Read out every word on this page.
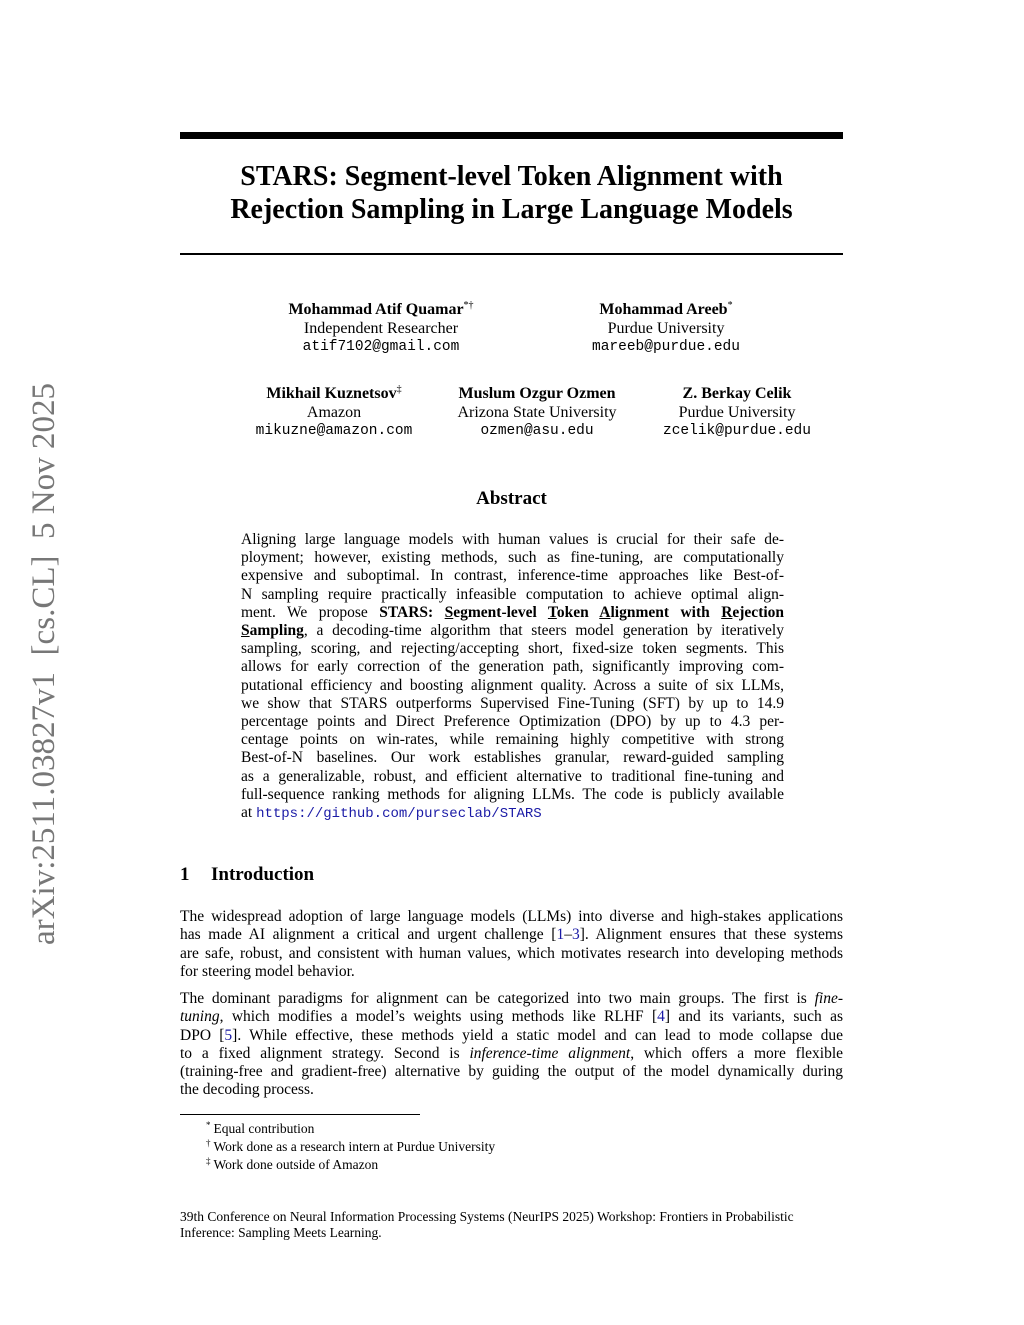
arXiv:2511.03827v1  [cs.CL]  5 Nov 2025
STARS: Segment-level Token Alignment with
Rejection Sampling in Large Language Models
Mohammad Atif Quamar*†
Independent Researcher
atif7102@gmail.com
Mohammad Areeb*
Purdue University
mareeb@purdue.edu
Mikhail Kuznetsov‡
Amazon
mikuzne@amazon.com
Muslum Ozgur Ozmen
Arizona State University
ozmen@asu.edu
Z. Berkay Celik
Purdue University
zcelik@purdue.edu
Abstract
Aligning large language models with human values is crucial for their safe de-
ployment; however, existing methods, such as fine-tuning, are computationally
expensive and suboptimal. In contrast, inference-time approaches like Best-of-
N sampling require practically infeasible computation to achieve optimal align-
ment. We propose STARS: Segment-level Token Alignment with Rejection
Sampling, a decoding-time algorithm that steers model generation by iteratively
sampling, scoring, and rejecting/accepting short, fixed-size token segments. This
allows for early correction of the generation path, significantly improving com-
putational efficiency and boosting alignment quality. Across a suite of six LLMs,
we show that STARS outperforms Supervised Fine-Tuning (SFT) by up to 14.9
percentage points and Direct Preference Optimization (DPO) by up to 4.3 per-
centage points on win-rates, while remaining highly competitive with strong
Best-of-N baselines. Our work establishes granular, reward-guided sampling
as a generalizable, robust, and efficient alternative to traditional fine-tuning and
full-sequence ranking methods for aligning LLMs. The code is publicly available
at https://github.com/purseclab/STARS
1 Introduction
The widespread adoption of large language models (LLMs) into diverse and high-stakes applications
has made AI alignment a critical and urgent challenge [1–3]. Alignment ensures that these systems
are safe, robust, and consistent with human values, which motivates research into developing methods
for steering model behavior.
The dominant paradigms for alignment can be categorized into two main groups. The first is fine-
tuning, which modifies a model’s weights using methods like RLHF [4] and its variants, such as
DPO [5]. While effective, these methods yield a static model and can lead to mode collapse due
to a fixed alignment strategy. Second is inference-time alignment, which offers a more flexible
(training-free and gradient-free) alternative by guiding the output of the model dynamically during
the decoding process.
* Equal contribution
† Work done as a research intern at Purdue University
‡ Work done outside of Amazon
39th Conference on Neural Information Processing Systems (NeurIPS 2025) Workshop: Frontiers in Probabilistic
Inference: Sampling Meets Learning.
